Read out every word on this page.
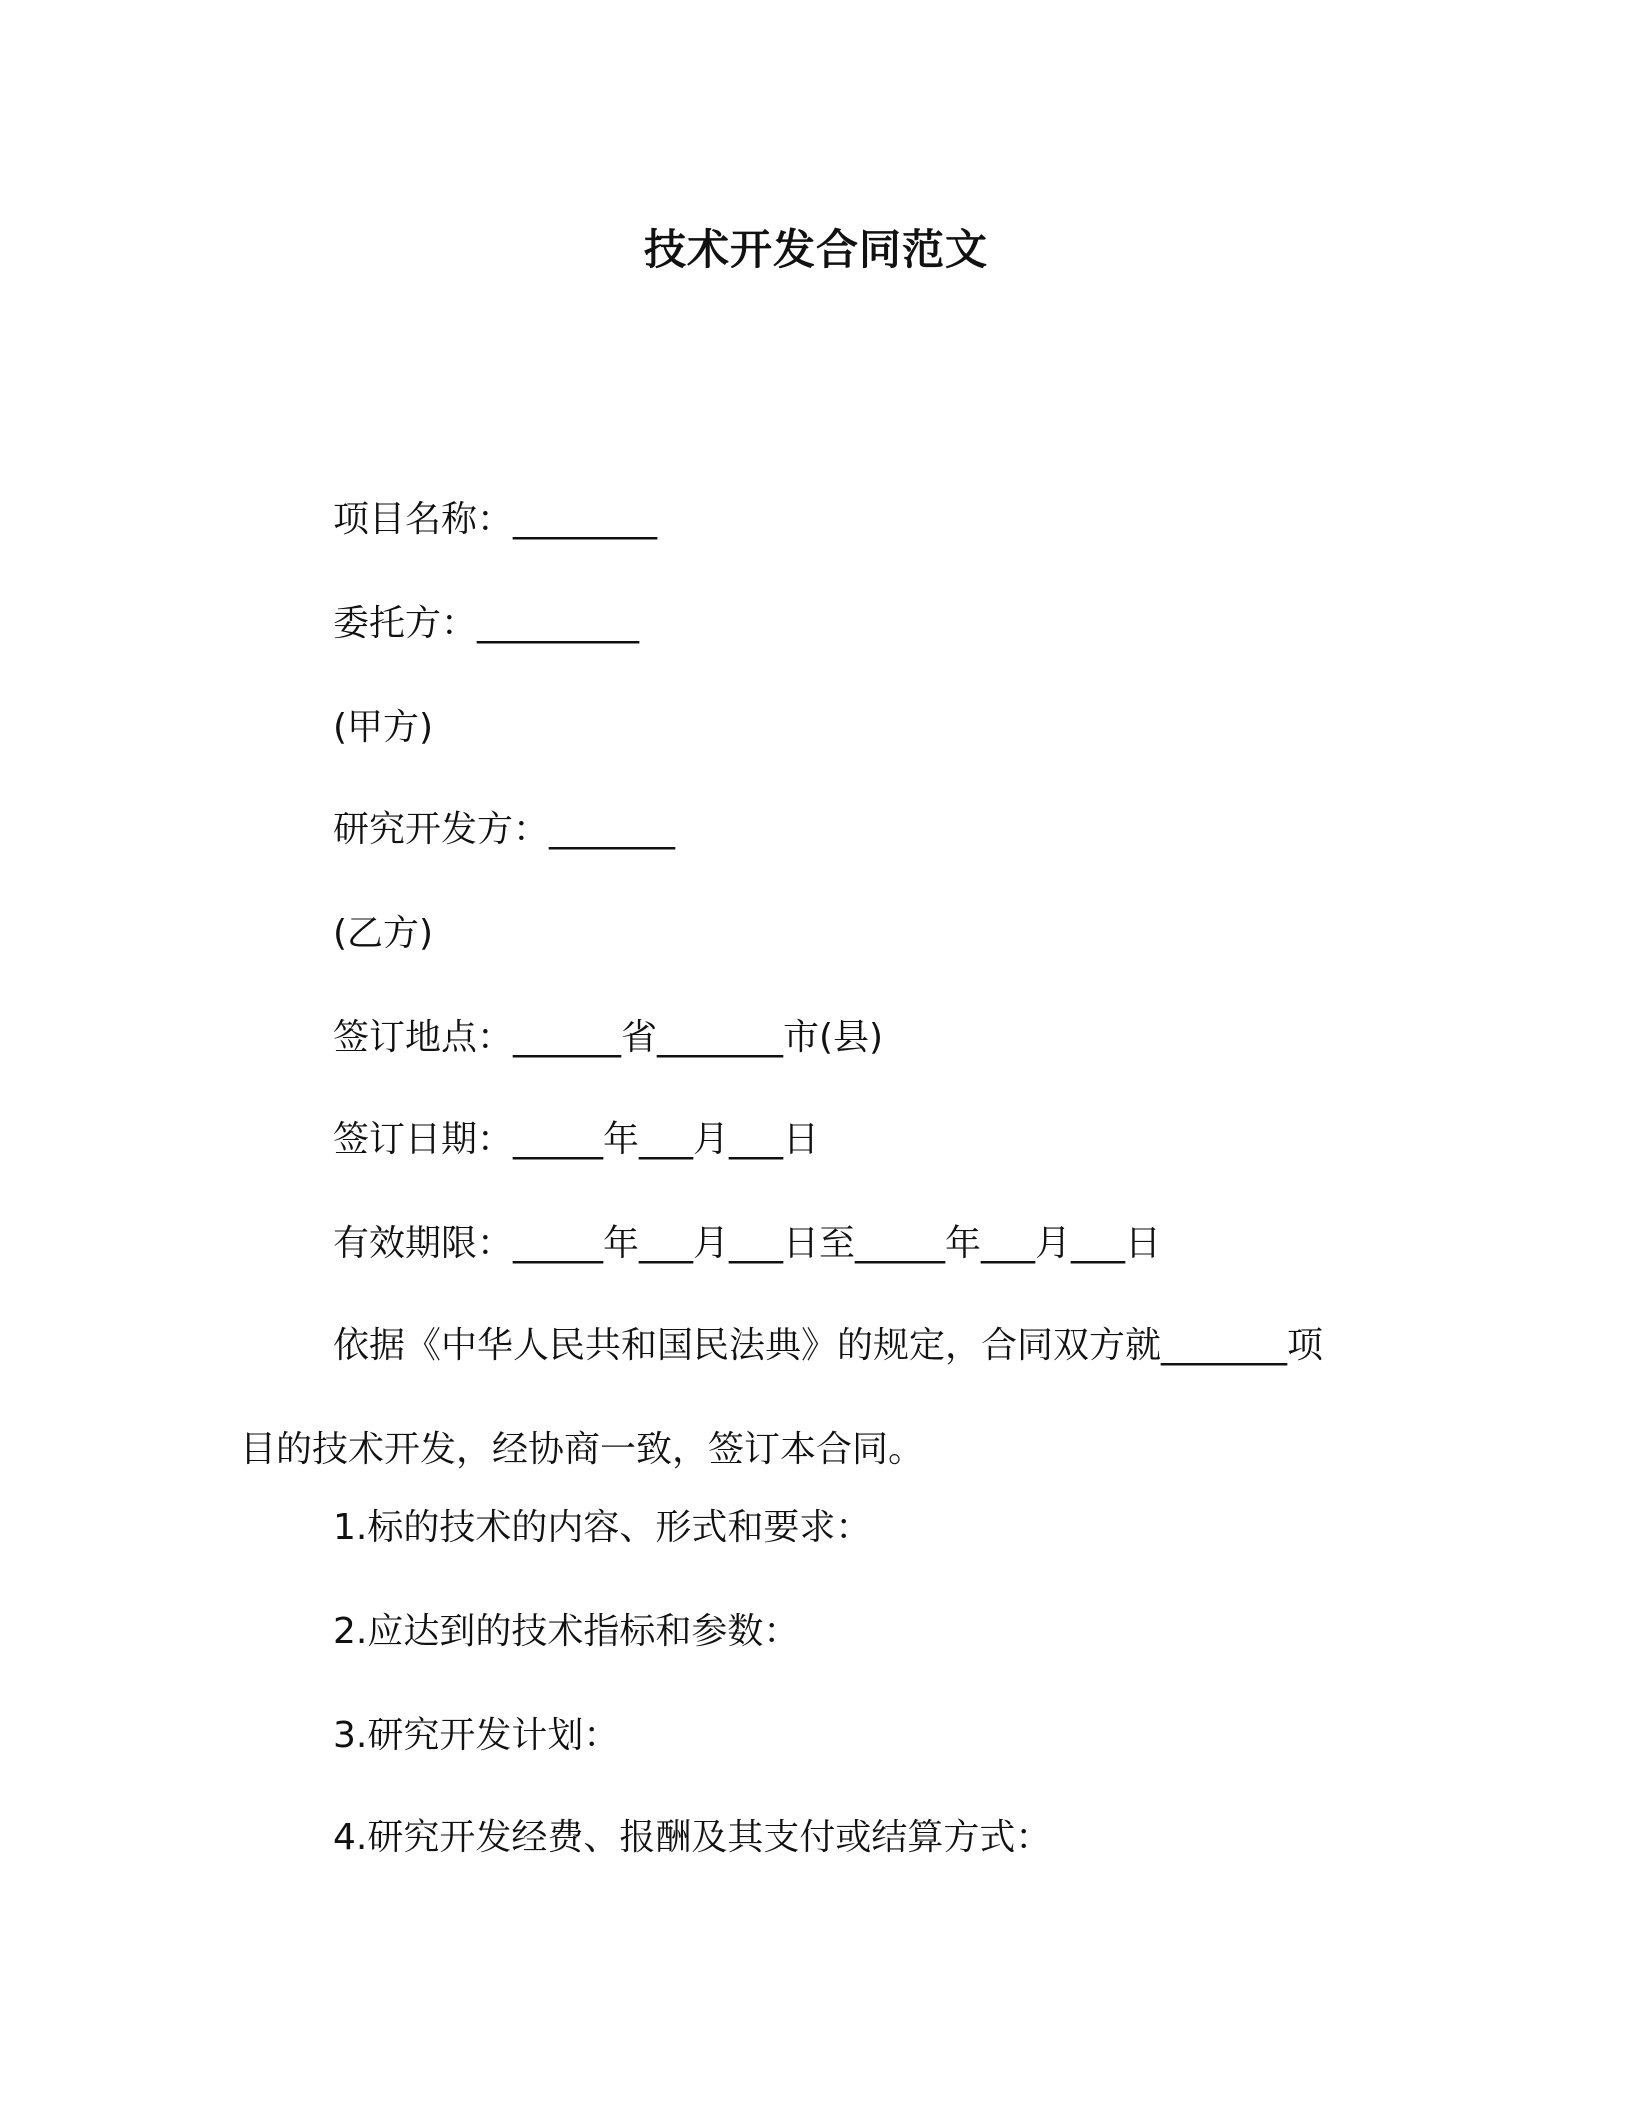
技术开发合同范文
项目名称：________
委托方：_________
(甲方)
研究开发方：_______
(乙方)
签订地点：______省_______市(县)
签订日期：_____年___月___日
有效期限：_____年___月___日至_____年___月___日
依据《中华人民共和国民法典》的规定，合同双方就_______项
目的技术开发，经协商一致，签订本合同。
1.标的技术的内容、形式和要求：
2.应达到的技术指标和参数：
3.研究开发计划：
4.研究开发经费、报酬及其支付或结算方式：
